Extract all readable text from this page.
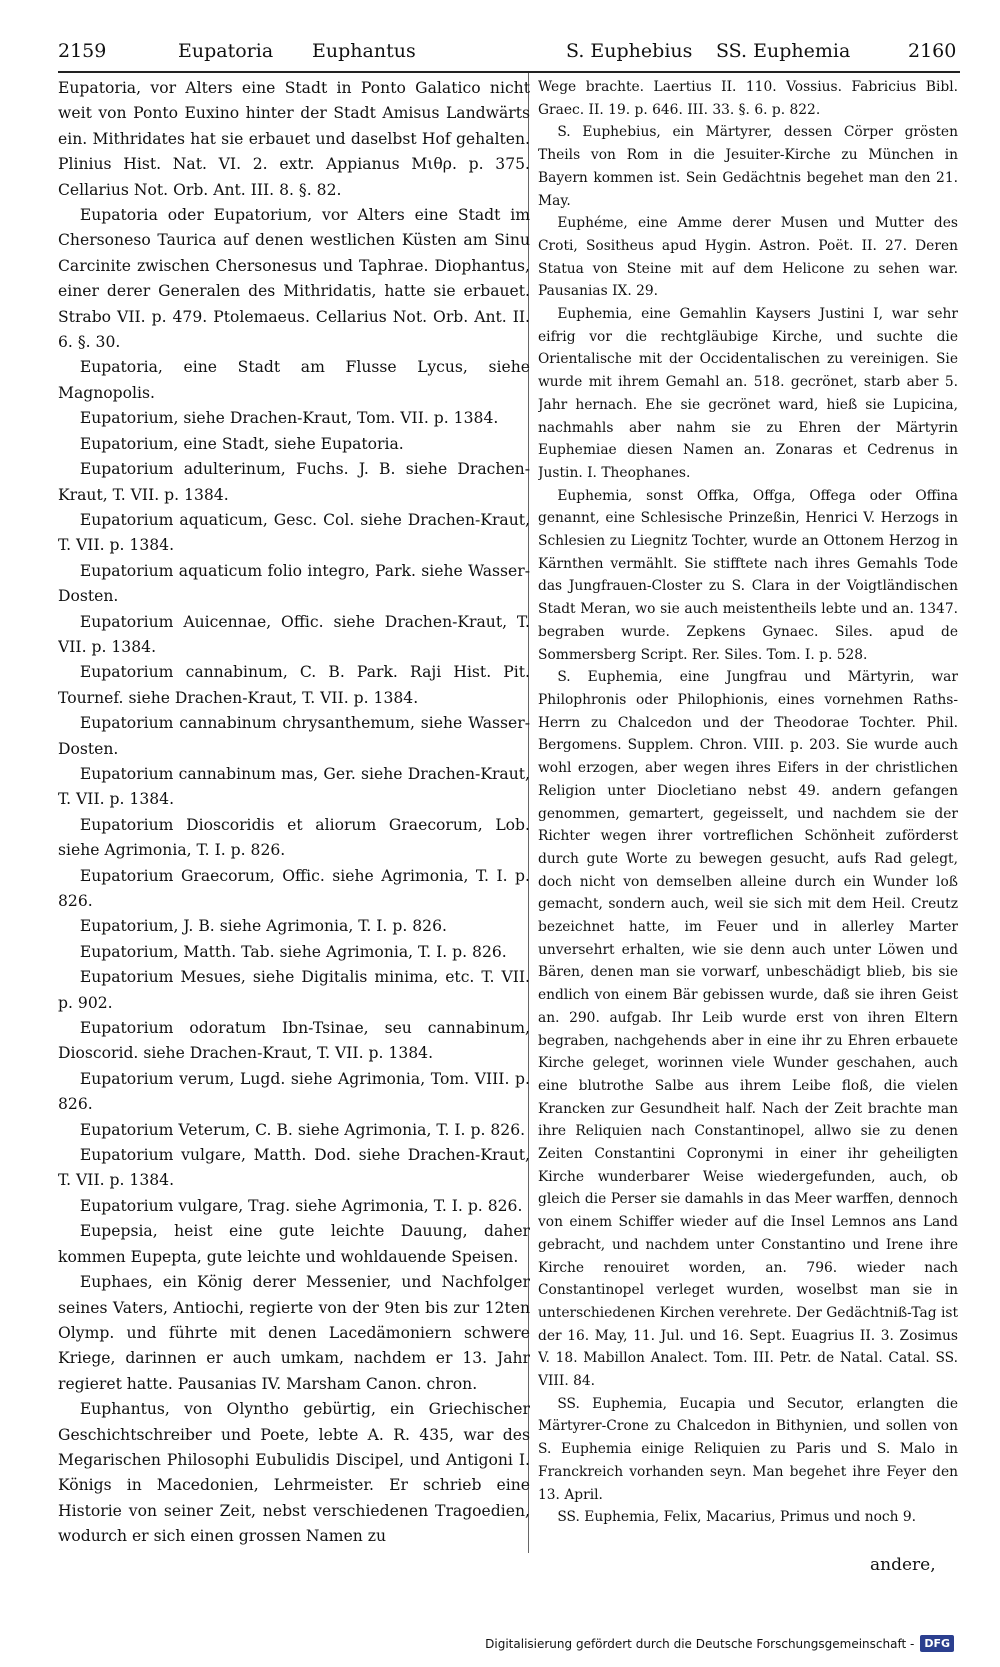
2159	Eupatoria Euphantus	S. Euphebius SS. Euphemia	2160

Eupatoria, vor Alters eine Stadt in Ponto Galatico nicht weit von Ponto Euxino hinter der Stadt Amisus Landwärts ein. Mithridates hat sie erbauet und daselbst Hof gehalten. Plinius Hist. Nat. VI. 2. extr. Appianus Mιθρ. p. 375. Cellarius Not. Orb. Ant. III. 8. §. 82.

Eupatoria oder Eupatorium, vor Alters eine Stadt im Chersoneso Taurica auf denen westlichen Küsten am Sinu Carcinite zwischen Chersonesus und Taphrae. Diophantus, einer derer Generalen des Mithridatis, hatte sie erbauet. Strabo VII. p. 479. Ptolemaeus. Cellarius Not. Orb. Ant. II. 6. §. 30.

Eupatoria, eine Stadt am Flusse Lycus, siehe Magnopolis.

Eupatorium, siehe Drachen-Kraut, Tom. VII. p. 1384.

Eupatorium, eine Stadt, siehe Eupatoria.

Eupatorium adulterinum, Fuchs. J. B. siehe Drachen-Kraut, T. VII. p. 1384.

Eupatorium aquaticum, Gesc. Col. siehe Drachen-Kraut, T. VII. p. 1384.

Eupatorium aquaticum folio integro, Park. siehe Wasser-Dosten.

Eupatorium Auicennae, Offic. siehe Drachen-Kraut, T. VII. p. 1384.

Eupatorium cannabinum, C. B. Park. Raji Hist. Pit. Tournef. siehe Drachen-Kraut, T. VII. p. 1384.

Eupatorium cannabinum chrysanthemum, siehe Wasser-Dosten.

Eupatorium cannabinum mas, Ger. siehe Drachen-Kraut, T. VII. p. 1384.

Eupatorium Dioscoridis et aliorum Graecorum, Lob. siehe Agrimonia, T. I. p. 826.

Eupatorium Graecorum, Offic. siehe Agrimonia, T. I. p. 826.

Eupatorium, J. B. siehe Agrimonia, T. I. p. 826.

Eupatorium, Matth. Tab. siehe Agrimonia, T. I. p. 826.

Eupatorium Mesues, siehe Digitalis minima, etc. T. VII. p. 902.

Eupatorium odoratum Ibn-Tsinae, seu cannabinum, Dioscorid. siehe Drachen-Kraut, T. VII. p. 1384.

Eupatorium verum, Lugd. siehe Agrimonia, Tom. VIII. p. 826.

Eupatorium Veterum, C. B. siehe Agrimonia, T. I. p. 826.

Eupatorium vulgare, Matth. Dod. siehe Drachen-Kraut, T. VII. p. 1384.

Eupatorium vulgare, Trag. siehe Agrimonia, T. I. p. 826.

Eupepsia, heist eine gute leichte Dauung, daher kommen Eupepta, gute leichte und wohldauende Speisen.

Euphaes, ein König derer Messenier, und Nachfolger seines Vaters, Antiochi, regierte von der 9ten bis zur 12ten Olymp. und führte mit denen Lacedämoniern schwere Kriege, darinnen er auch umkam, nachdem er 13. Jahr regieret hatte. Pausanias IV. Marsham Canon. chron.

Euphantus, von Olyntho gebürtig, ein Griechischer Geschichtschreiber und Poete, lebte A. R. 435, war des Megarischen Philosophi Eubulidis Discipel, und Antigoni I. Königs in Macedonien, Lehrmeister. Er schrieb eine Historie von seiner Zeit, nebst verschiedenen Tragoedien, wodurch er sich einen grossen Namen zu

Wege brachte. Laertius II. 110. Vossius. Fabricius Bibl. Graec. II. 19. p. 646. III. 33. §. 6. p. 822.

S. Euphebius, ein Märtyrer, dessen Cörper grösten Theils von Rom in die Jesuiter-Kirche zu München in Bayern kommen ist. Sein Gedächtnis begehet man den 21. May.

Euphéme, eine Amme derer Musen und Mutter des Croti, Sositheus apud Hygin. Astron. Poët. II. 27. Deren Statua von Steine mit auf dem Helicone zu sehen war. Pausanias IX. 29.

Euphemia, eine Gemahlin Kaysers Justini I, war sehr eifrig vor die rechtgläubige Kirche, und suchte die Orientalische mit der Occidentalischen zu vereinigen. Sie wurde mit ihrem Gemahl an. 518. gecrönet, starb aber 5. Jahr hernach. Ehe sie gecrönet ward, hieß sie Lupicina, nachmahls aber nahm sie zu Ehren der Märtyrin Euphemiae diesen Namen an. Zonaras et Cedrenus in Justin. I. Theophanes.

Euphemia, sonst Offka, Offga, Offega oder Offina genannt, eine Schlesische Prinzeßin, Henrici V. Herzogs in Schlesien zu Liegnitz Tochter, wurde an Ottonem Herzog in Kärnthen vermählt. Sie stifftete nach ihres Gemahls Tode das Jungfrauen-Closter zu S. Clara in der Voigtländischen Stadt Meran, wo sie auch meistentheils lebte und an. 1347. begraben wurde. Zepkens Gynaec. Siles. apud de Sommersberg Script. Rer. Siles. Tom. I. p. 528.

S. Euphemia, eine Jungfrau und Märtyrin, war Philophronis oder Philophionis, eines vornehmen Raths-Herrn zu Chalcedon und der Theodorae Tochter. Phil. Bergomens. Supplem. Chron. VIII. p. 203. Sie wurde auch wohl erzogen, aber wegen ihres Eifers in der christlichen Religion unter Diocletiano nebst 49. andern gefangen genommen, gemartert, gegeisselt, und nachdem sie der Richter wegen ihrer vortreflichen Schönheit zuförderst durch gute Worte zu bewegen gesucht, aufs Rad gelegt, doch nicht von demselben alleine durch ein Wunder loß gemacht, sondern auch, weil sie sich mit dem Heil. Creutz bezeichnet hatte, im Feuer und in allerley Marter unversehrt erhalten, wie sie denn auch unter Löwen und Bären, denen man sie vorwarf, unbeschädigt blieb, bis sie endlich von einem Bär gebissen wurde, daß sie ihren Geist an. 290. aufgab. Ihr Leib wurde erst von ihren Eltern begraben, nachgehends aber in eine ihr zu Ehren erbauete Kirche geleget, worinnen viele Wunder geschahen, auch eine blutrothe Salbe aus ihrem Leibe floß, die vielen Krancken zur Gesundheit half. Nach der Zeit brachte man ihre Reliquien nach Constantinopel, allwo sie zu denen Zeiten Constantini Copronymi in einer ihr geheiligten Kirche wunderbarer Weise wiedergefunden, auch, ob gleich die Perser sie damahls in das Meer warffen, dennoch von einem Schiffer wieder auf die Insel Lemnos ans Land gebracht, und nachdem unter Constantino und Irene ihre Kirche renouiret worden, an. 796. wieder nach Constantinopel verleget wurden, woselbst man sie in unterschiedenen Kirchen verehrete. Der Gedächtniß-Tag ist der 16. May, 11. Jul. und 16. Sept. Euagrius II. 3. Zosimus V. 18. Mabillon Analect. Tom. III. Petr. de Natal. Catal. SS. VIII. 84.

SS. Euphemia, Eucapia und Secutor, erlangten die Märtyrer-Crone zu Chalcedon in Bithynien, und sollen von S. Euphemia einige Reliquien zu Paris und S. Malo in Franckreich vorhanden seyn. Man begehet ihre Feyer den 13. April.

SS. Euphemia, Felix, Macarius, Primus und noch 9.

andere,
Digitalisierung gefördert durch die Deutsche Forschungsgemeinschaft - DFG
